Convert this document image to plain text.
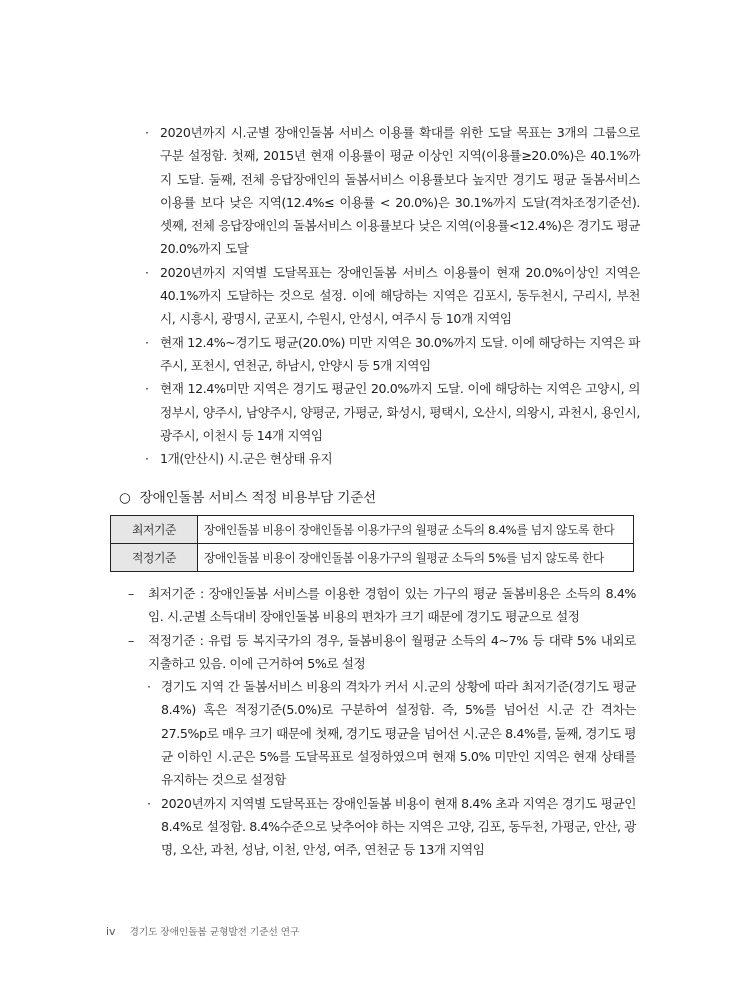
· 2020년까지 시.군별 장애인돌봄 서비스 이용률 확대를 위한 도달 목표는 3개의 그룹으로 구분 설정함. 첫째, 2015년 현재 이용률이 평균 이상인 지역(이용률≥20.0%)은 40.1%까지 도달. 둘째, 전체 응답장애인의 돌봄서비스 이용률보다 높지만 경기도 평균 돌봄서비스 이용률 보다 낮은 지역(12.4%≤ 이용률 < 20.0%)은 30.1%까지 도달(격차조정기준선). 셋째, 전체 응답장애인의 돌봄서비스 이용률보다 낮은 지역(이용률<12.4%)은 경기도 평균 20.0%까지 도달
· 2020년까지 지역별 도달목표는 장애인돌봄 서비스 이용률이 현재 20.0%이상인 지역은 40.1%까지 도달하는 것으로 설정. 이에 해당하는 지역은 김포시, 동두천시, 구리시, 부천시, 시흥시, 광명시, 군포시, 수원시, 안성시, 여주시 등 10개 지역임
· 현재 12.4%~경기도 평균(20.0%) 미만 지역은 30.0%까지 도달. 이에 해당하는 지역은 파주시, 포천시, 연천군, 하남시, 안양시 등 5개 지역임
· 현재 12.4%미만 지역은 경기도 평균인 20.0%까지 도달. 이에 해당하는 지역은 고양시, 의정부시, 양주시, 남양주시, 양평군, 가평군, 화성시, 평택시, 오산시, 의왕시, 과천시, 용인시, 광주시, 이천시 등 14개 지역임
· 1개(안산시) 시.군은 현상태 유지
○ 장애인돌봄 서비스 적정 비용부담 기준선
최저기준	장애인돌봄 비용이 장애인돌봄 이용가구의 월평균 소득의 8.4%를 넘지 않도록 한다
적정기준	장애인돌봄 비용이 장애인돌봄 이용가구의 월평균 소득의 5%를 넘지 않도록 한다
– 최저기준 : 장애인돌봄 서비스를 이용한 경험이 있는 가구의 평균 돌봄비용은 소득의 8.4%임. 시.군별 소득대비 장애인돌봄 비용의 편차가 크기 때문에 경기도 평균으로 설정
– 적정기준 : 유럽 등 복지국가의 경우, 돌봄비용이 월평균 소득의 4~7% 등 대략 5% 내외로 지출하고 있음. 이에 근거하여 5%로 설정
· 경기도 지역 간 돌봄서비스 비용의 격차가 커서 시.군의 상황에 따라 최저기준(경기도 평균 8.4%) 혹은 적정기준(5.0%)로 구분하여 설정함. 즉, 5%를 넘어선 시.군 간 격차는 27.5%p로 매우 크기 때문에 첫째, 경기도 평균을 넘어선 시.군은 8.4%를, 둘째, 경기도 평균 이하인 시.군은 5%를 도달목표로 설정하였으며 현재 5.0% 미만인 지역은 현재 상태를 유지하는 것으로 설정함
· 2020년까지 지역별 도달목표는 장애인돌봄 비용이 현재 8.4% 초과 지역은 경기도 평균인 8.4%로 설정함. 8.4%수준으로 낮추어야 하는 지역은 고양, 김포, 동두천, 가평군, 안산, 광명, 오산, 과천, 성남, 이천, 안성, 여주, 연천군 등 13개 지역임
iv 경기도 장애인돌봄 균형발전 기준선 연구
